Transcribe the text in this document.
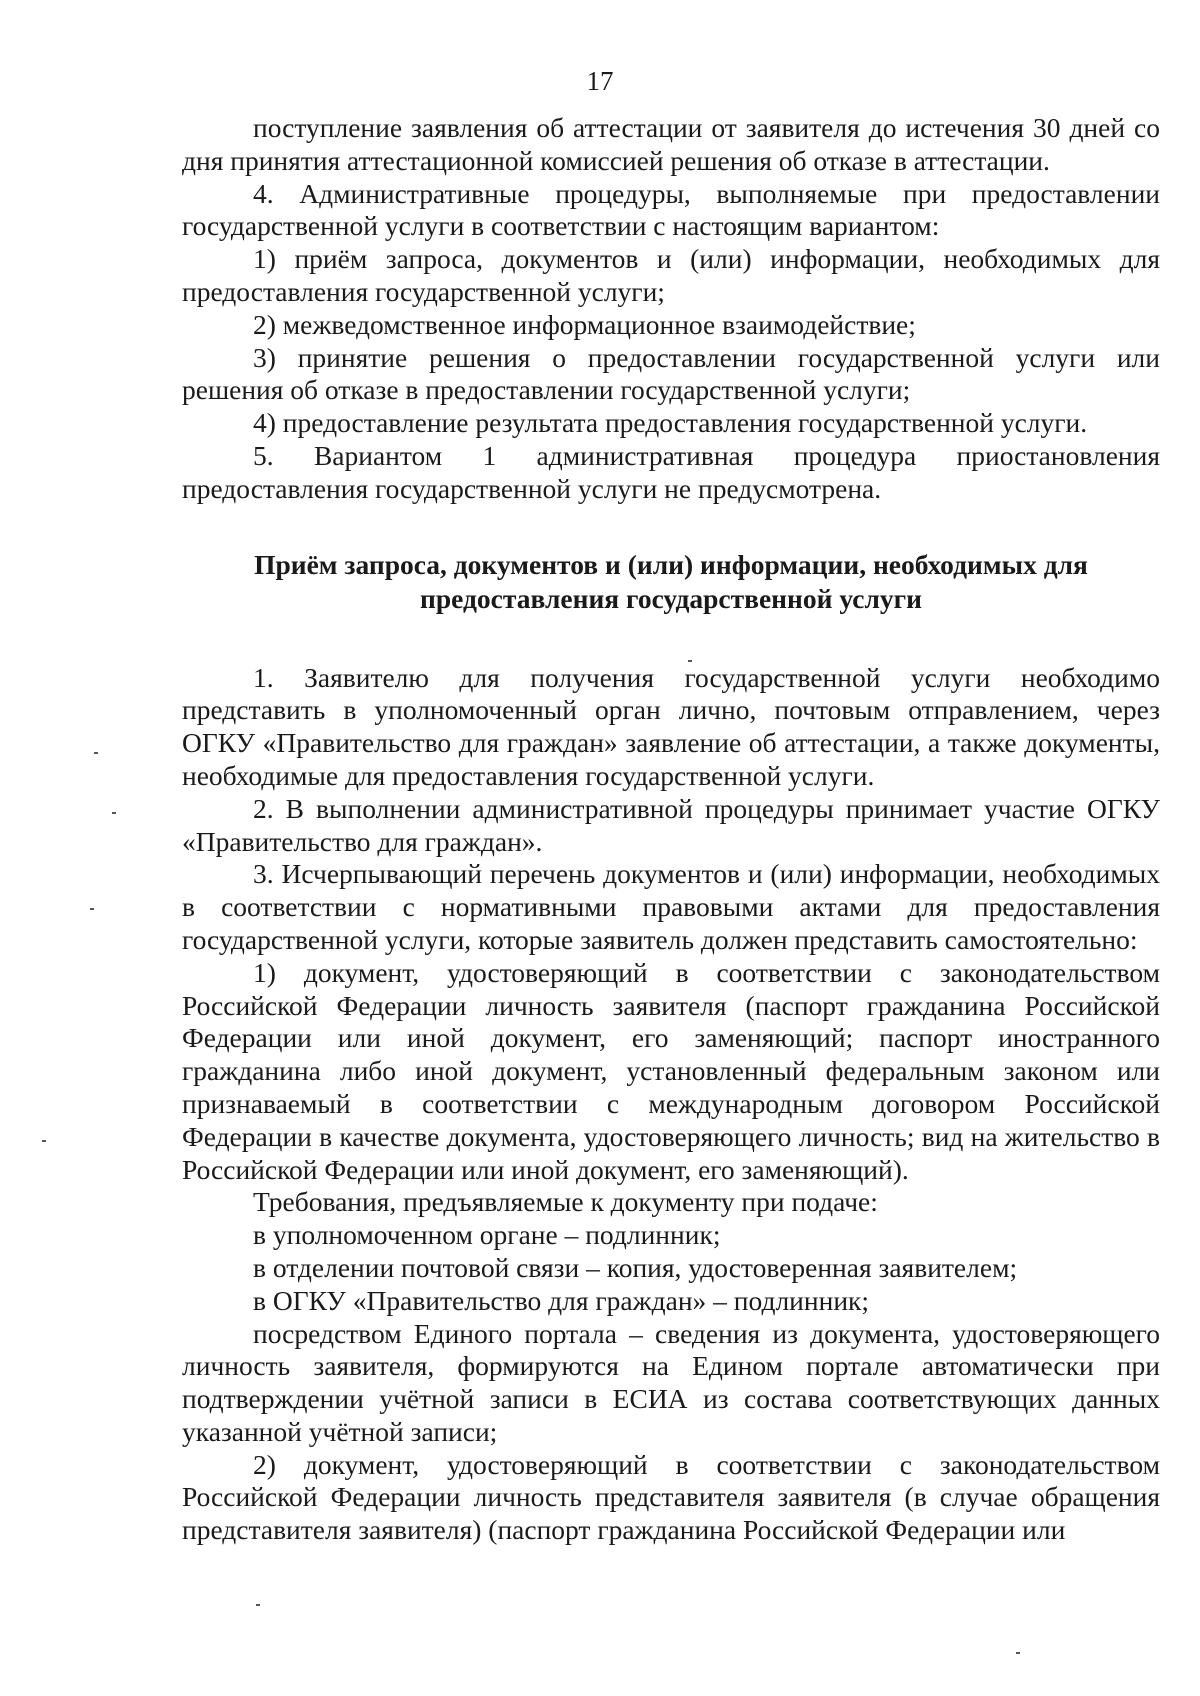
17

поступление заявления об аттестации от заявителя до истечения 30 дней со дня принятия аттестационной комиссией решения об отказе в аттестации.

4. Административные процедуры, выполняемые при предоставлении государственной услуги в соответствии с настоящим вариантом:

1) приём запроса, документов и (или) информации, необходимых для предоставления государственной услуги;

2) межведомственное информационное взаимодействие;

3) принятие решения о предоставлении государственной услуги или решения об отказе в предоставлении государственной услуги;

4) предоставление результата предоставления государственной услуги.

5. Вариантом 1 административная процедура приостановления предоставления государственной услуги не предусмотрена.

Приём запроса, документов и (или) информации, необходимых для предоставления государственной услуги

1. Заявителю для получения государственной услуги необходимо представить в уполномоченный орган лично, почтовым отправлением, через ОГКУ «Правительство для граждан» заявление об аттестации, а также документы, необходимые для предоставления государственной услуги.

2. В выполнении административной процедуры принимает участие ОГКУ «Правительство для граждан».

3. Исчерпывающий перечень документов и (или) информации, необходимых в соответствии с нормативными правовыми актами для предоставления государственной услуги, которые заявитель должен представить самостоятельно:

1) документ, удостоверяющий в соответствии с законодательством Российской Федерации личность заявителя (паспорт гражданина Российской Федерации или иной документ, его заменяющий; паспорт иностранного гражданина либо иной документ, установленный федеральным законом или признаваемый в соответствии с международным договором Российской Федерации в качестве документа, удостоверяющего личность; вид на жительство в Российской Федерации или иной документ, его заменяющий).

Требования, предъявляемые к документу при подаче:

в уполномоченном органе – подлинник;

в отделении почтовой связи – копия, удостоверенная заявителем;

в ОГКУ «Правительство для граждан» – подлинник;

посредством Единого портала – сведения из документа, удостоверяющего личность заявителя, формируются на Едином портале автоматически при подтверждении учётной записи в ЕСИА из состава соответствующих данных указанной учётной записи;

2) документ, удостоверяющий в соответствии с законодательством Российской Федерации личность представителя заявителя (в случае обращения представителя заявителя) (паспорт гражданина Российской Федерации или
